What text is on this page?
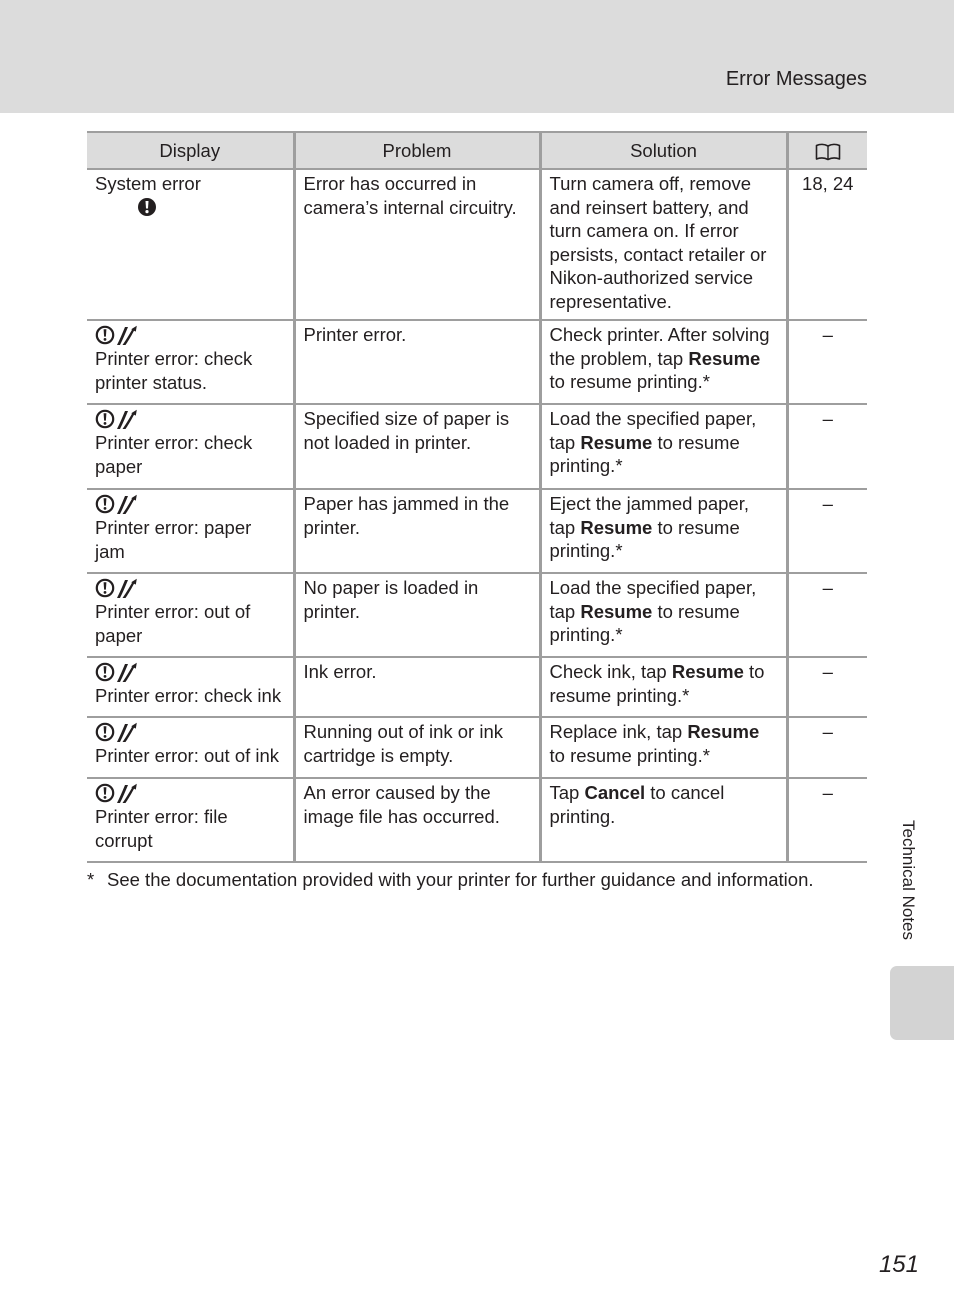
Error Messages
Display	Problem	Solution	

System error	Error has occurred in camera’s internal circuitry.	Turn camera off, remove and reinsert battery, and turn camera on. If error persists, contact retailer or Nikon-authorized service representative.	18, 24

Printer error: check printer status.	Printer error.	Check printer. After solving the problem, tap Resume to resume printing.*	–

Printer error: check paper	Specified size of paper is not loaded in printer.	Load the specified paper, tap Resume to resume printing.*	–

Printer error: paper jam	Paper has jammed in the printer.	Eject the jammed paper, tap Resume to resume printing.*	–

Printer error: out of paper	No paper is loaded in printer.	Load the specified paper, tap Resume to resume printing.*	–

Printer error: check ink	Ink error.	Check ink, tap Resume to resume printing.*	–

Printer error: out of ink	Running out of ink or ink cartridge is empty.	Replace ink, tap Resume to resume printing.*	–

Printer error: file corrupt	An error caused by the image file has occurred.	Tap Cancel to cancel printing.	–
* See the documentation provided with your printer for further guidance and information.	Technical Notes
151
